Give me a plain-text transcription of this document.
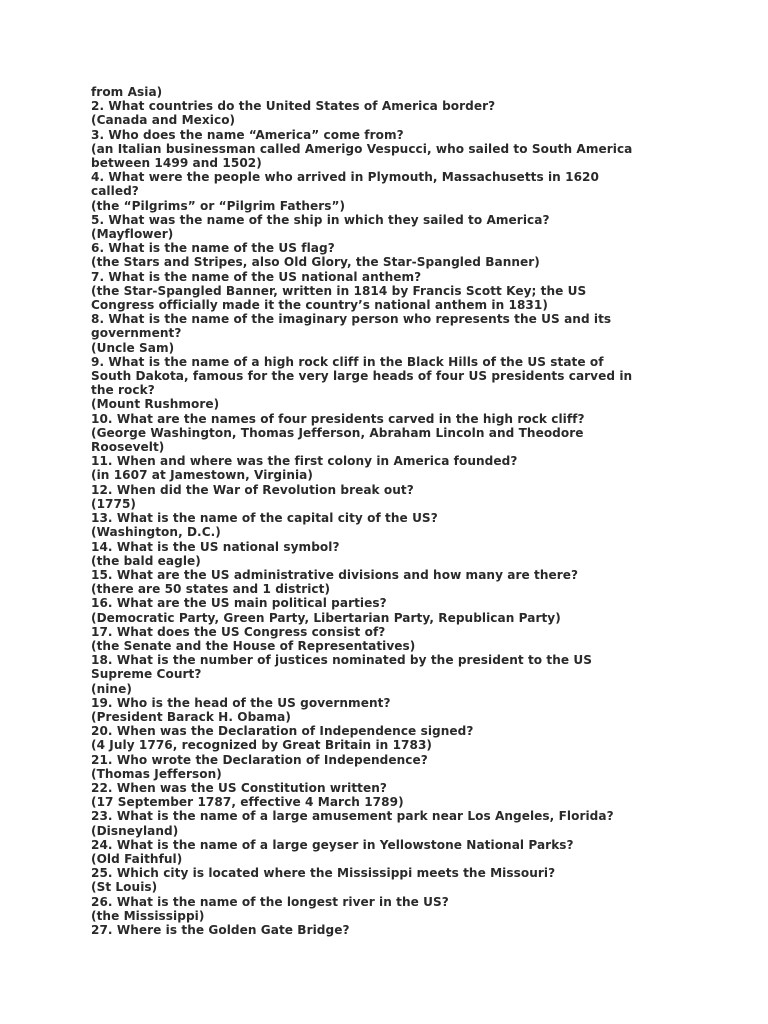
from Asia)
2. What countries do the United States of America border?
(Canada and Mexico)
3. Who does the name “America” come from?
(an Italian businessman called Amerigo Vespucci, who sailed to South America
between 1499 and 1502)
4. What were the people who arrived in Plymouth, Massachusetts in 1620
called?
(the “Pilgrims” or “Pilgrim Fathers”)
5. What was the name of the ship in which they sailed to America?
(Mayflower)
6. What is the name of the US flag?
(the Stars and Stripes, also Old Glory, the Star-Spangled Banner)
7. What is the name of the US national anthem?
(the Star-Spangled Banner, written in 1814 by Francis Scott Key; the US
Congress officially made it the country’s national anthem in 1831)
8. What is the name of the imaginary person who represents the US and its
government?
(Uncle Sam)
9. What is the name of a high rock cliff in the Black Hills of the US state of
South Dakota, famous for the very large heads of four US presidents carved in
the rock?
(Mount Rushmore)
10. What are the names of four presidents carved in the high rock cliff?
(George Washington, Thomas Jefferson, Abraham Lincoln and Theodore
Roosevelt)
11. When and where was the first colony in America founded?
(in 1607 at Jamestown, Virginia)
12. When did the War of Revolution break out?
(1775)
13. What is the name of the capital city of the US?
(Washington, D.C.)
14. What is the US national symbol?
(the bald eagle)
15. What are the US administrative divisions and how many are there?
(there are 50 states and 1 district)
16. What are the US main political parties?
(Democratic Party, Green Party, Libertarian Party, Republican Party)
17. What does the US Congress consist of?
(the Senate and the House of Representatives)
18. What is the number of justices nominated by the president to the US
Supreme Court?
(nine)
19. Who is the head of the US government?
(President Barack H. Obama)
20. When was the Declaration of Independence signed?
(4 July 1776, recognized by Great Britain in 1783)
21. Who wrote the Declaration of Independence?
(Thomas Jefferson)
22. When was the US Constitution written?
(17 September 1787, effective 4 March 1789)
23. What is the name of a large amusement park near Los Angeles, Florida?
(Disneyland)
24. What is the name of a large geyser in Yellowstone National Parks?
(Old Faithful)
25. Which city is located where the Mississippi meets the Missouri?
(St Louis)
26. What is the name of the longest river in the US?
(the Mississippi)
27. Where is the Golden Gate Bridge?
